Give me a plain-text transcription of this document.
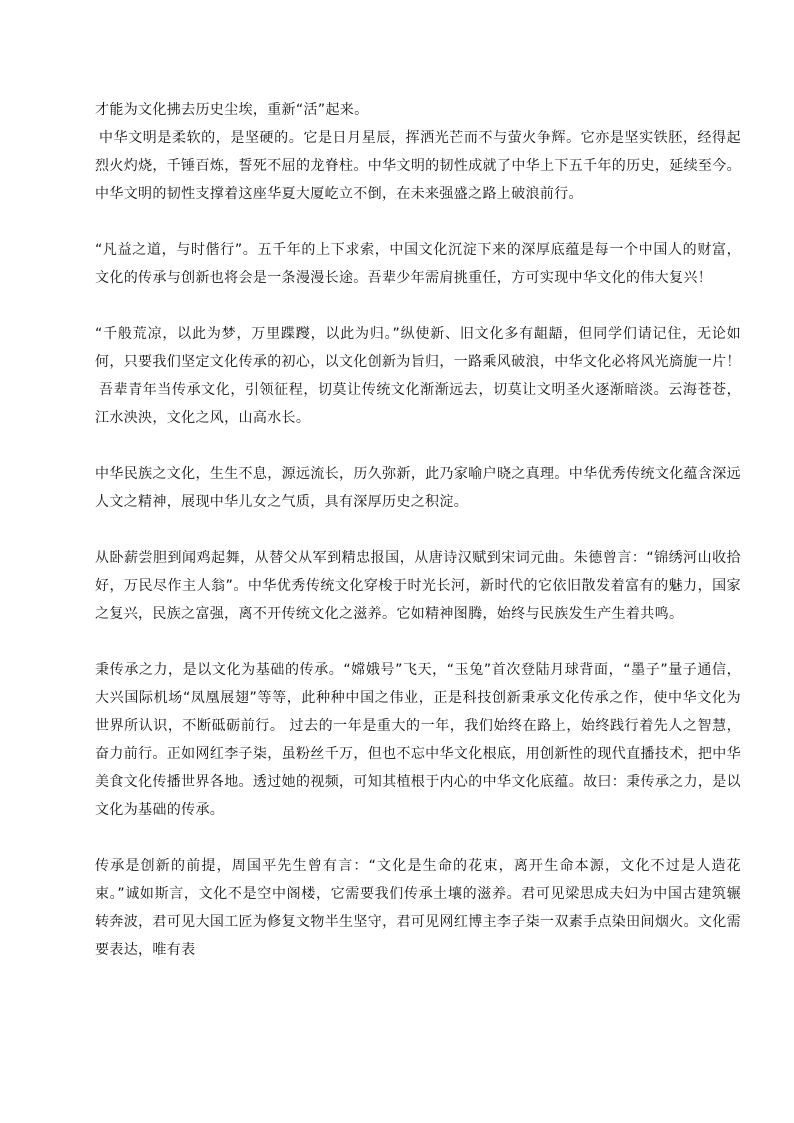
才能为文化拂去历史尘埃，重新“活”起来。

中华文明是柔软的，是坚硬的。它是日月星辰，挥洒光芒而不与萤火争辉。它亦是坚实铁胚，经得起烈火灼烧，千锤百炼，誓死不屈的龙脊柱。中华文明的韧性成就了中华上下五千年的历史，延续至今。中华文明的韧性支撑着这座华夏大厦屹立不倒，在未来强盛之路上破浪前行。

“凡益之道，与时偕行”。五千年的上下求索，中国文化沉淀下来的深厚底蕴是每一个中国人的财富，文化的传承与创新也将会是一条漫漫长途。吾辈少年需肩挑重任，方可实现中华文化的伟大复兴！

“千般荒凉，以此为梦，万里蹀躞，以此为归。”纵使新、旧文化多有龃龉，但同学们请记住，无论如何，只要我们坚定文化传承的初心，以文化创新为旨归，一路乘风破浪，中华文化必将风光旖旎一片！

吾辈青年当传承文化，引领征程，切莫让传统文化渐渐远去，切莫让文明圣火逐渐暗淡。云海苍苍，江水泱泱，文化之风，山高水长。

中华民族之文化，生生不息，源远流长，历久弥新，此乃家喻户晓之真理。中华优秀传统文化蕴含深远人文之精神，展现中华儿女之气质，具有深厚历史之积淀。

从卧薪尝胆到闻鸡起舞，从替父从军到精忠报国，从唐诗汉赋到宋词元曲。朱德曾言：“锦绣河山收拾好，万民尽作主人翁”。中华优秀传统文化穿梭于时光长河，新时代的它依旧散发着富有的魅力，国家之复兴，民族之富强，离不开传统文化之滋养。它如精神图腾，始终与民族发生产生着共鸣。

秉传承之力，是以文化为基础的传承。“嫦娥号”飞天，“玉兔”首次登陆月球背面，“墨子”量子通信，大兴国际机场“凤凰展翅”等等，此种种中国之伟业，正是科技创新秉承文化传承之作，使中华文化为世界所认识，不断砥砺前行。 过去的一年是重大的一年，我们始终在路上，始终践行着先人之智慧，奋力前行。正如网红李子柒，虽粉丝千万，但也不忘中华文化根底，用创新性的现代直播技术，把中华美食文化传播世界各地。透过她的视频，可知其植根于内心的中华文化底蕴。故曰：秉传承之力，是以文化为基础的传承。

传承是创新的前提，周国平先生曾有言：“文化是生命的花束，离开生命本源，文化不过是人造花束。”诚如斯言，文化不是空中阁楼，它需要我们传承土壤的滋养。君可见梁思成夫妇为中国古建筑辗转奔波，君可见大国工匠为修复文物半生坚守，君可见网红博主李子柒一双素手点染田间烟火。文化需要表达，唯有表
